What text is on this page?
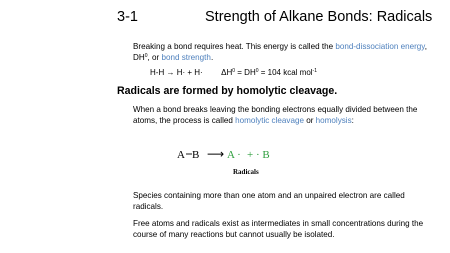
3-1	Strength of Alkane Bonds: Radicals
Breaking a bond requires heat. This energy is called the bond-dissociation energy,
$DH^0$, or bond strength.
$H-H \to H\cdot + H\cdot \Delta H^0 = DH^0 = 104$ kcal mol$^{-1}$
Radicals are formed by homolytic cleavage.
When a bond breaks leaving the bonding electrons equally divided between the
atoms, the process is called homolytic cleavage or homolysis:
A B ⟶ A · + · B
Radicals
Species containing more than one atom and an unpaired electron are called
radicals.
Free atoms and radicals exist as intermediates in small concentrations during the
course of many reactions but cannot usually be isolated.
